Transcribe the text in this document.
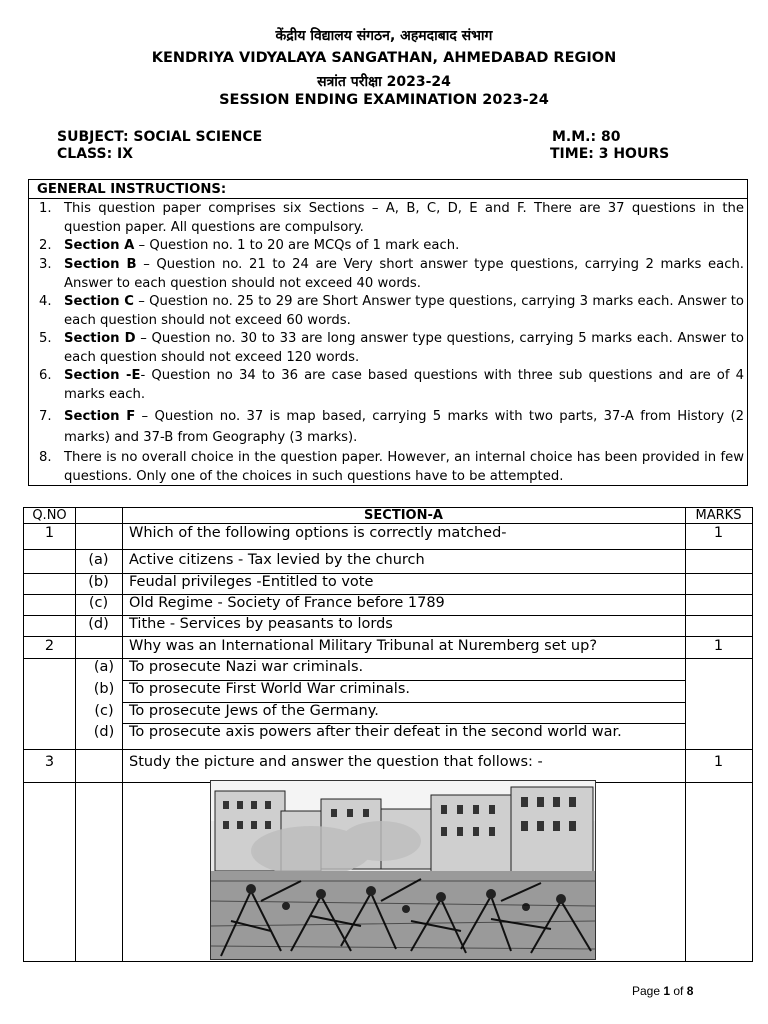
केंद्रीय विद्यालय संगठन, अहमदाबाद संभाग
KENDRIYA VIDYALAYA SANGATHAN, AHMEDABAD REGION
सत्रांत परीक्षा 2023-24
SESSION ENDING EXAMINATION 2023-24
SUBJECT: SOCIAL SCIENCE
CLASS: IX
M.M.: 80
TIME: 3 HOURS
GENERAL INSTRUCTIONS:
1. This question paper comprises six Sections – A, B, C, D, E and F. There are 37 questions in the question paper. All questions are compulsory.
2. Section A – Question no. 1 to 20 are MCQs of 1 mark each.
3. Section B – Question no. 21 to 24 are Very short answer type questions, carrying 2 marks each. Answer to each question should not exceed 40 words.
4. Section C – Question no. 25 to 29 are Short Answer type questions, carrying 3 marks each. Answer to each question should not exceed 60 words.
5. Section D – Question no. 30 to 33 are long answer type questions, carrying 5 marks each. Answer to each question should not exceed 120 words.
6. Section -E- Question no 34 to 36 are case based questions with three sub questions and are of 4 marks each.
7. Section F – Question no. 37 is map based, carrying 5 marks with two parts, 37-A from History (2 marks) and 37-B from Geography (3 marks).
8. There is no overall choice in the question paper. However, an internal choice has been provided in few questions. Only one of the choices in such questions have to be attempted.
Q.NO	SECTION-A	MARKS
1	Which of the following options is correctly matched-	1
(a)	Active citizens - Tax levied by the church
(b)	Feudal privileges -Entitled to vote
(c)	Old Regime - Society of France before 1789
(d)	Tithe - Services by peasants to lords
2	Why was an International Military Tribunal at Nuremberg set up?	1
(a)	To prosecute Nazi war criminals.
(b)	To prosecute First World War criminals.
(c)	To prosecute Jews of the Germany.
(d)	To prosecute axis powers after their defeat in the second world war.
3	Study the picture and answer the question that follows: -	1
Page 1 of 8
